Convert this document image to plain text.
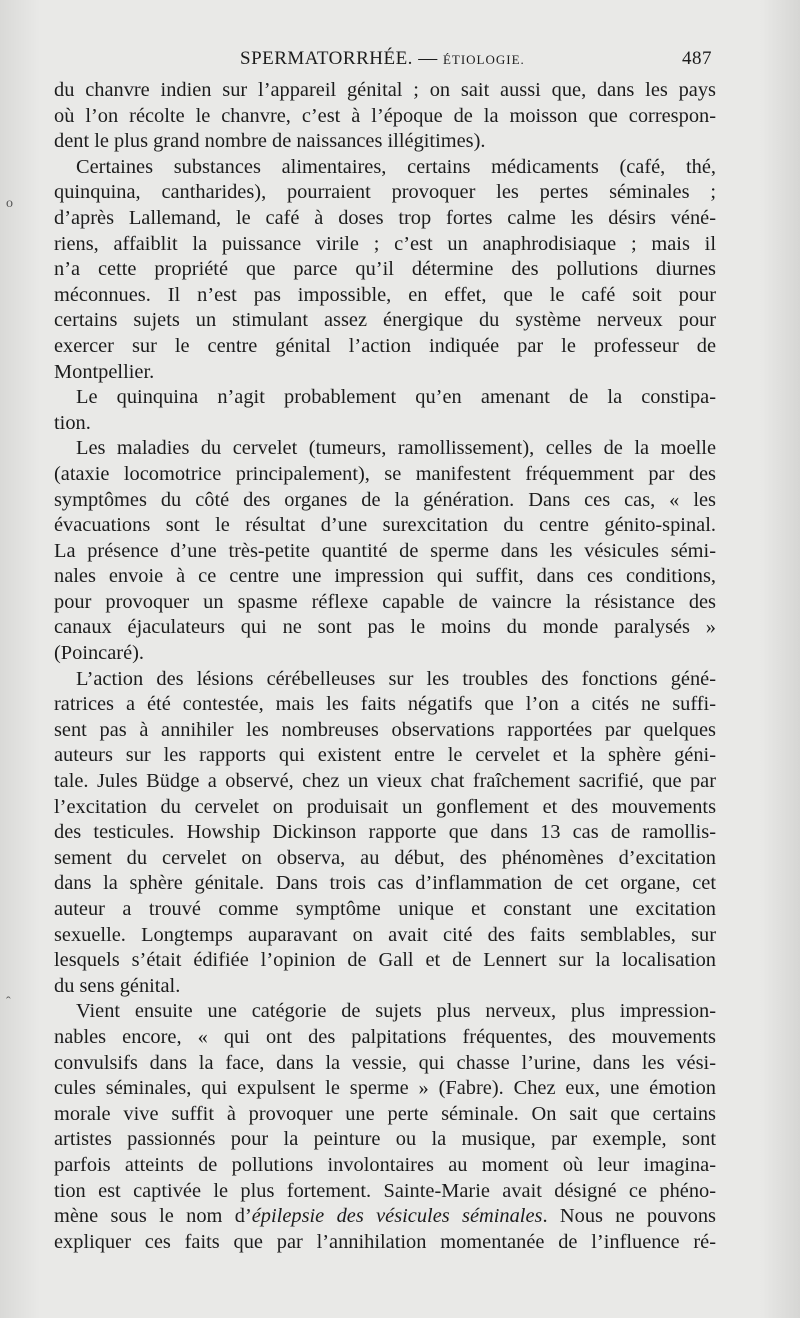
SPERMATORRHÉE. — ÉTIOLOGIE.	487
du chanvre indien sur l’appareil génital ; on sait aussi que, dans les pays
où l’on récolte le chanvre, c’est à l’époque de la moisson que correspon-
dent le plus grand nombre de naissances illégitimes).
Certaines substances alimentaires, certains médicaments (café, thé,
quinquina, cantharides), pourraient provoquer les pertes séminales ;
d’après Lallemand, le café à doses trop fortes calme les désirs véné-
riens, affaiblit la puissance virile ; c’est un anaphrodisiaque ; mais il
n’a cette propriété que parce qu’il détermine des pollutions diurnes
méconnues. Il n’est pas impossible, en effet, que le café soit pour
certains sujets un stimulant assez énergique du système nerveux pour
exercer sur le centre génital l’action indiquée par le professeur de
Montpellier.
Le quinquina n’agit probablement qu’en amenant de la constipa-
tion.
Les maladies du cervelet (tumeurs, ramollissement), celles de la moelle
(ataxie locomotrice principalement), se manifestent fréquemment par des
symptômes du côté des organes de la génération. Dans ces cas, « les
évacuations sont le résultat d’une surexcitation du centre génito-spinal.
La présence d’une très-petite quantité de sperme dans les vésicules sémi-
nales envoie à ce centre une impression qui suffit, dans ces conditions,
pour provoquer un spasme réflexe capable de vaincre la résistance des
canaux éjaculateurs qui ne sont pas le moins du monde paralysés »
(Poincaré).
L’action des lésions cérébelleuses sur les troubles des fonctions géné-
ratrices a été contestée, mais les faits négatifs que l’on a cités ne suffi-
sent pas à annihiler les nombreuses observations rapportées par quelques
auteurs sur les rapports qui existent entre le cervelet et la sphère géni-
tale. Jules Büdge a observé, chez un vieux chat fraîchement sacrifié, que par
l’excitation du cervelet on produisait un gonflement et des mouvements
des testicules. Howship Dickinson rapporte que dans 13 cas de ramollis-
sement du cervelet on observa, au début, des phénomènes d’excitation
dans la sphère génitale. Dans trois cas d’inflammation de cet organe, cet
auteur a trouvé comme symptôme unique et constant une excitation
sexuelle. Longtemps auparavant on avait cité des faits semblables, sur
lesquels s’était édifiée l’opinion de Gall et de Lennert sur la localisation
du sens génital.
Vient ensuite une catégorie de sujets plus nerveux, plus impression-
nables encore, « qui ont des palpitations fréquentes, des mouvements
convulsifs dans la face, dans la vessie, qui chasse l’urine, dans les vési-
cules séminales, qui expulsent le sperme » (Fabre). Chez eux, une émotion
morale vive suffit à provoquer une perte séminale. On sait que certains
artistes passionnés pour la peinture ou la musique, par exemple, sont
parfois atteints de pollutions involontaires au moment où leur imagina-
tion est captivée le plus fortement. Sainte-Marie avait désigné ce phéno-
mène sous le nom d’épilepsie des vésicules séminales. Nous ne pouvons
expliquer ces faits que par l’annihilation momentanée de l’influence ré-
o
ˆ
